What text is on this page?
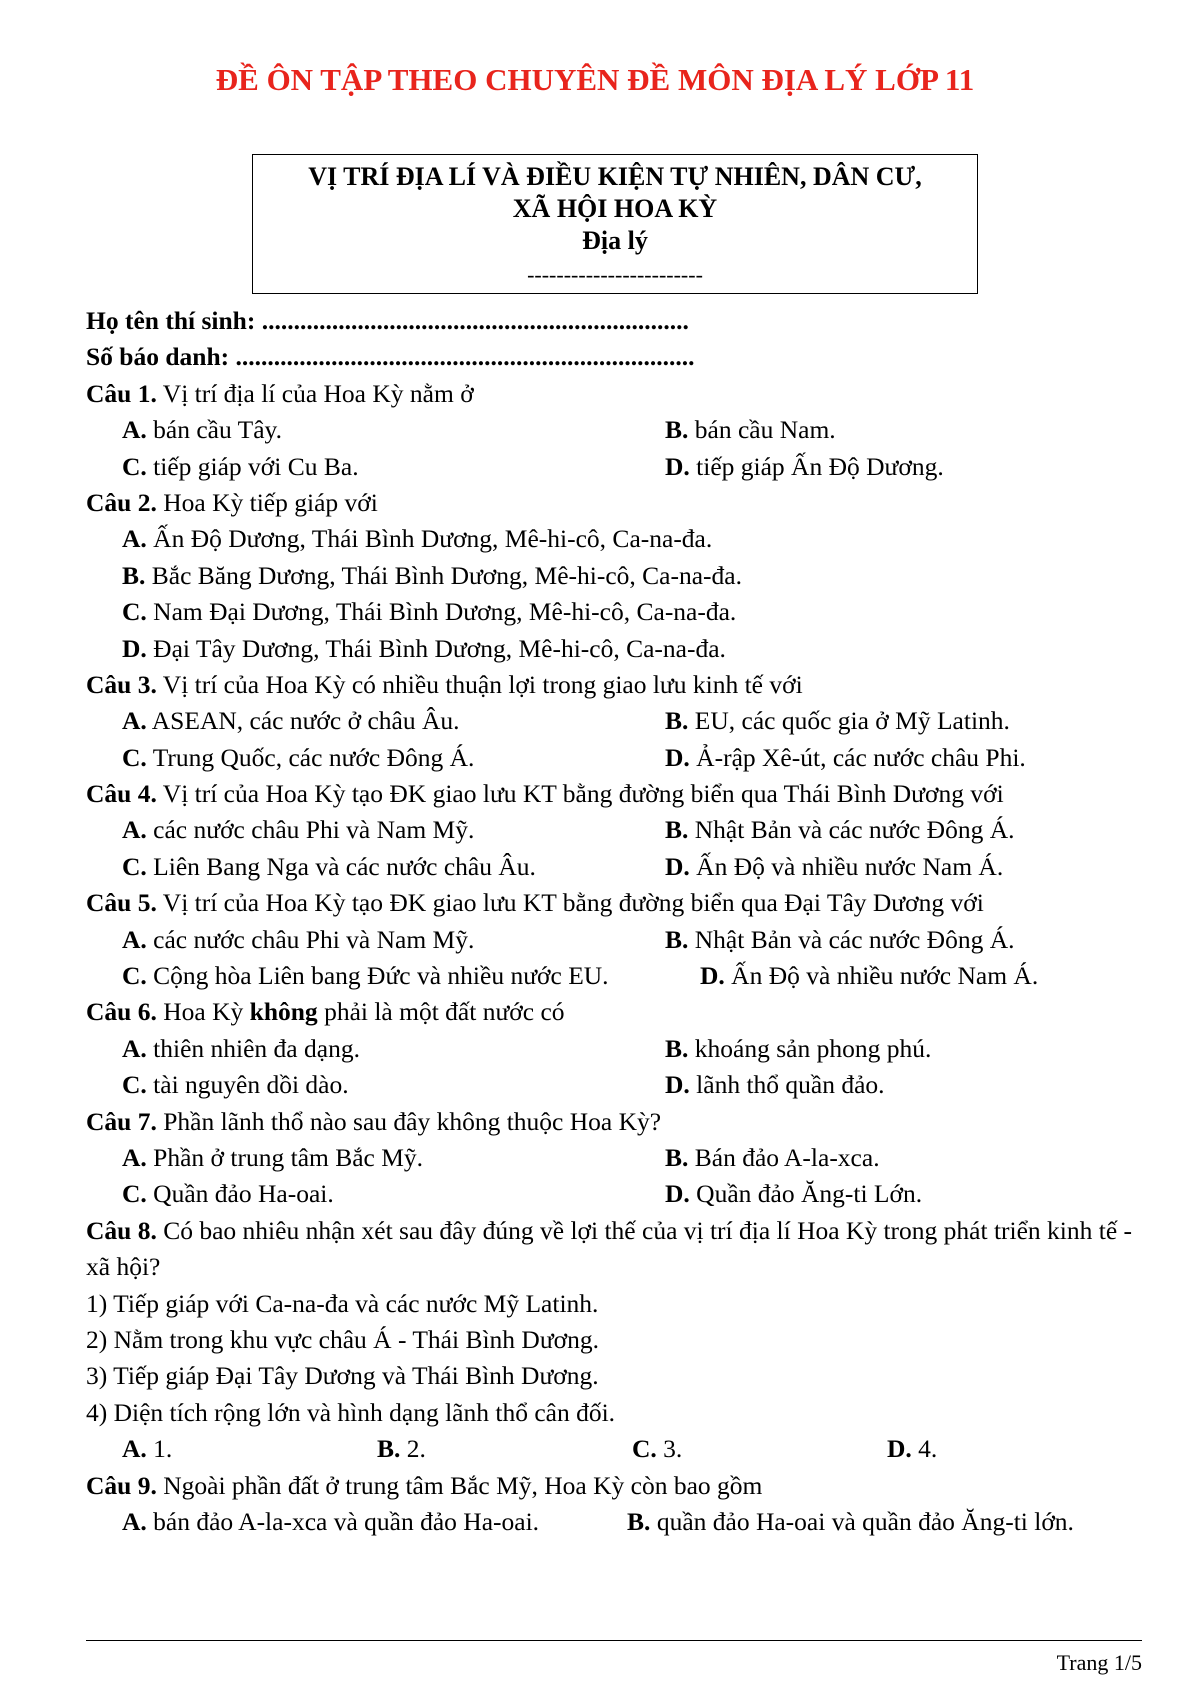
ĐỀ ÔN TẬP THEO CHUYÊN ĐỀ MÔN ĐỊA LÝ LỚP 11
VỊ TRÍ ĐỊA LÍ VÀ ĐIỀU KIỆN TỰ NHIÊN, DÂN CƯ,
XÃ HỘI HOA KỲ
Địa lý
------------------------
Họ tên thí sinh: ...................................................................
Số báo danh: ........................................................................
Câu 1. Vị trí địa lí của Hoa Kỳ nằm ở
A. bán cầu Tây.	B. bán cầu Nam.
C. tiếp giáp với Cu Ba.	D. tiếp giáp Ấn Độ Dương.
Câu 2. Hoa Kỳ tiếp giáp với
A. Ấn Độ Dương, Thái Bình Dương, Mê-hi-cô, Ca-na-đa.
B. Bắc Băng Dương, Thái Bình Dương, Mê-hi-cô, Ca-na-đa.
C. Nam Đại Dương, Thái Bình Dương, Mê-hi-cô, Ca-na-đa.
D. Đại Tây Dương, Thái Bình Dương, Mê-hi-cô, Ca-na-đa.
Câu 3. Vị trí của Hoa Kỳ có nhiều thuận lợi trong giao lưu kinh tế với
A. ASEAN, các nước ở châu Âu.	B. EU, các quốc gia ở Mỹ Latinh.
C. Trung Quốc, các nước Đông Á.	D. Ả-rập Xê-út, các nước châu Phi.
Câu 4. Vị trí của Hoa Kỳ tạo ĐK giao lưu KT bằng đường biển qua Thái Bình Dương với
A. các nước châu Phi và Nam Mỹ.	B. Nhật Bản và các nước Đông Á.
C. Liên Bang Nga và các nước châu Âu.	D. Ấn Độ và nhiều nước Nam Á.
Câu 5. Vị trí của Hoa Kỳ tạo ĐK giao lưu KT bằng đường biển qua Đại Tây Dương với
A. các nước châu Phi và Nam Mỹ.	B. Nhật Bản và các nước Đông Á.
C. Cộng hòa Liên bang Đức và nhiều nước EU.	D. Ấn Độ và nhiều nước Nam Á.
Câu 6. Hoa Kỳ không phải là một đất nước có
A. thiên nhiên đa dạng.	B. khoáng sản phong phú.
C. tài nguyên dồi dào.	D. lãnh thổ quần đảo.
Câu 7. Phần lãnh thổ nào sau đây không thuộc Hoa Kỳ?
A. Phần ở trung tâm Bắc Mỹ.	B. Bán đảo A-la-xca.
C. Quần đảo Ha-oai.	D. Quần đảo Ăng-ti Lớn.
Câu 8. Có bao nhiêu nhận xét sau đây đúng về lợi thế của vị trí địa lí Hoa Kỳ trong phát triển kinh tế - xã hội?
1) Tiếp giáp với Ca-na-đa và các nước Mỹ Latinh.
2) Nằm trong khu vực châu Á - Thái Bình Dương.
3) Tiếp giáp Đại Tây Dương và Thái Bình Dương.
4) Diện tích rộng lớn và hình dạng lãnh thổ cân đối.
A. 1.	B. 2.	C. 3.	D. 4.
Câu 9. Ngoài phần đất ở trung tâm Bắc Mỹ, Hoa Kỳ còn bao gồm
A. bán đảo A-la-xca và quần đảo Ha-oai.	B. quần đảo Ha-oai và quần đảo Ăng-ti lớn.
Trang 1/5
